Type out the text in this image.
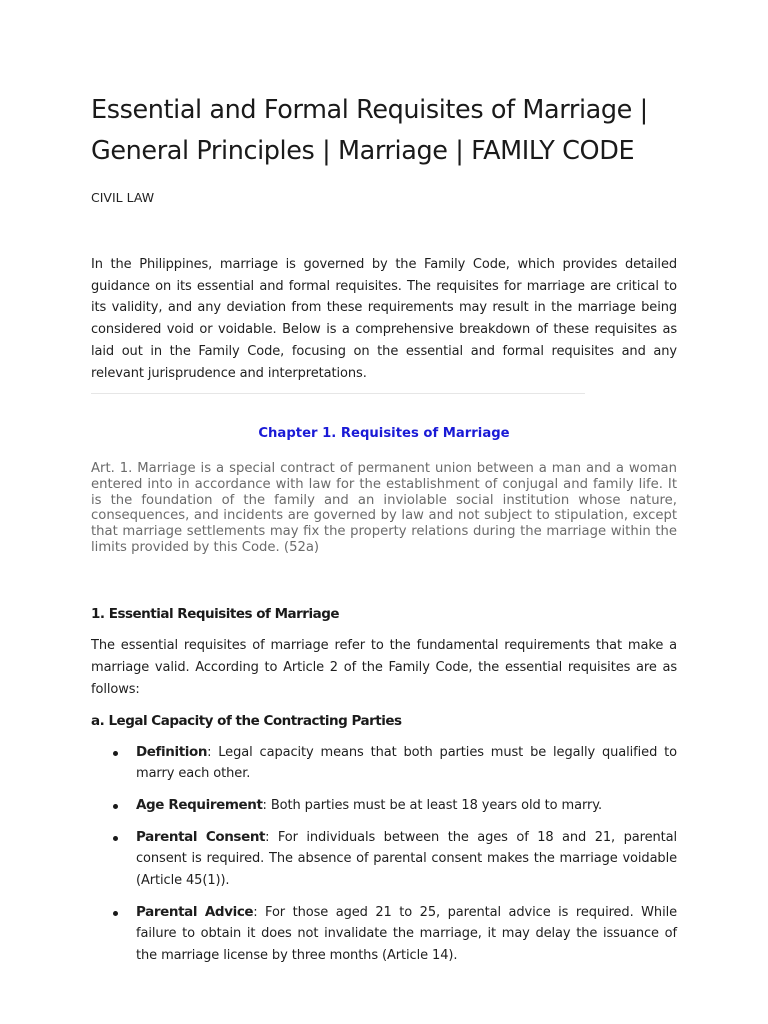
Essential and Formal Requisites of Marriage | General Principles | Marriage | FAMILY CODE
CIVIL LAW

In the Philippines, marriage is governed by the Family Code, which provides detailed guidance on its essential and formal requisites. The requisites for marriage are critical to its validity, and any deviation from these requirements may result in the marriage being considered void or voidable. Below is a comprehensive breakdown of these requisites as laid out in the Family Code, focusing on the essential and formal requisites and any relevant jurisprudence and interpretations.

Chapter 1. Requisites of Marriage
Art. 1. Marriage is a special contract of permanent union between a man and a woman entered into in accordance with law for the establishment of conjugal and family life. It is the foundation of the family and an inviolable social institution whose nature, consequences, and incidents are governed by law and not subject to stipulation, except that marriage settlements may fix the property relations during the marriage within the limits provided by this Code. (52a)
1. Essential Requisites of Marriage
The essential requisites of marriage refer to the fundamental requirements that make a marriage valid. According to Article 2 of the Family Code, the essential requisites are as follows:
a. Legal Capacity of the Contracting Parties
Definition: Legal capacity means that both parties must be legally qualified to marry each other.
Age Requirement: Both parties must be at least 18 years old to marry.
Parental Consent: For individuals between the ages of 18 and 21, parental consent is required. The absence of parental consent makes the marriage voidable (Article 45(1)).
Parental Advice: For those aged 21 to 25, parental advice is required. While failure to obtain it does not invalidate the marriage, it may delay the issuance of the marriage license by three months (Article 14).
